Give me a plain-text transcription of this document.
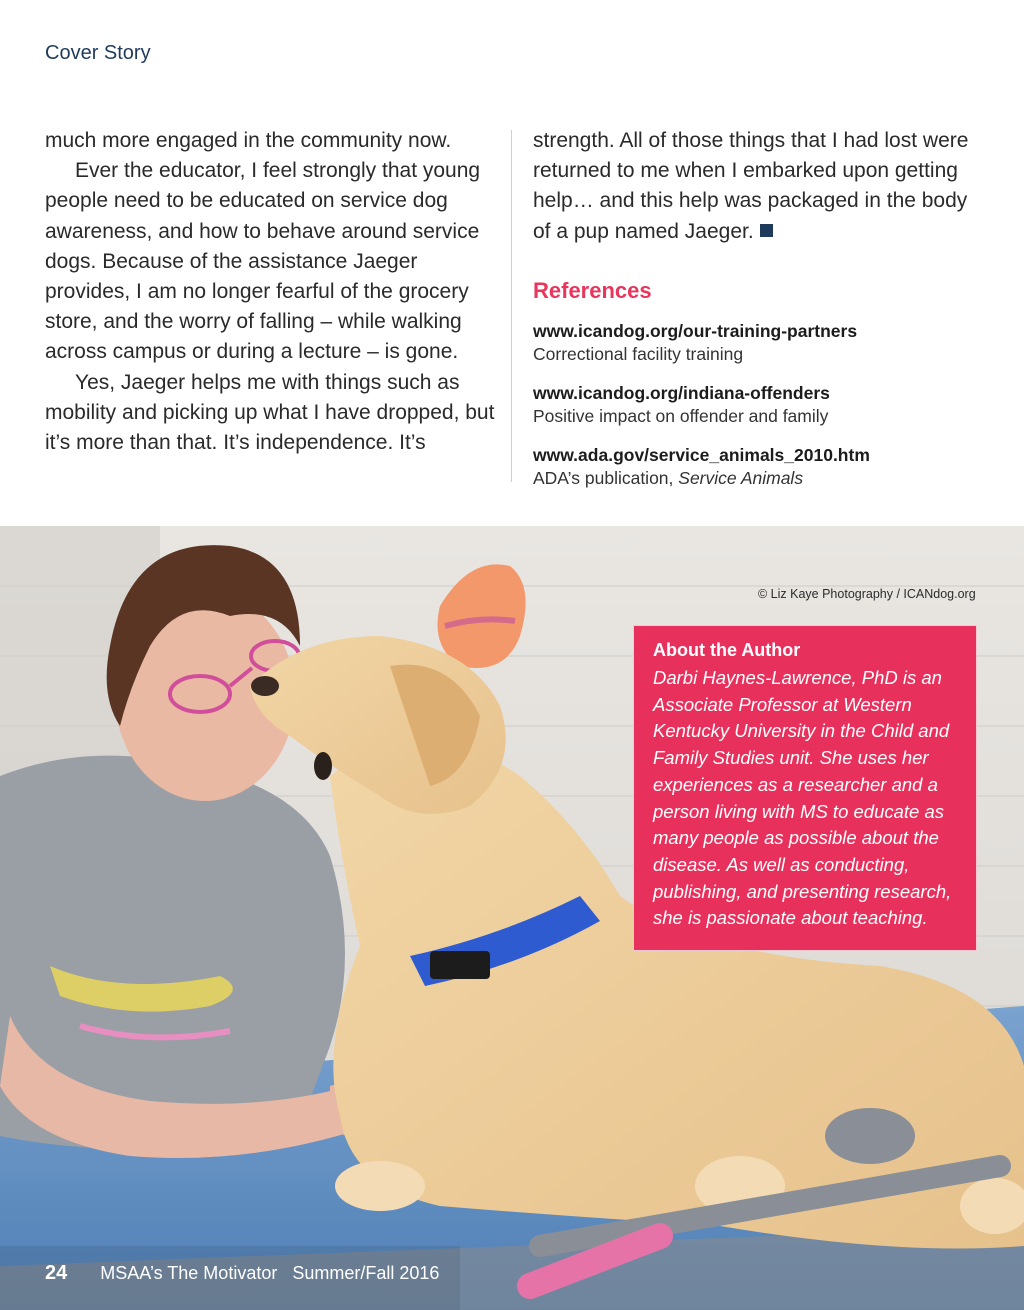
Cover Story

much more engaged in the community now.

Ever the educator, I feel strongly that young people need to be educated on service dog awareness, and how to behave around service dogs. Because of the assistance Jaeger provides, I am no longer fearful of the grocery store, and the worry of falling – while walking across campus or during a lecture – is gone.

Yes, Jaeger helps me with things such as mobility and picking up what I have dropped, but it’s more than that. It’s independence. It’s

strength. All of those things that I had lost were returned to me when I embarked upon getting help… and this help was packaged in the body of a pup named Jaeger.

References
www.icandog.org/our-training-partners
Correctional facility training
www.icandog.org/indiana-offenders
Positive impact on offender and family
www.ada.gov/service_animals_2010.htm
ADA’s publication, Service Animals
© Liz Kaye Photography / ICANdog.org
About the Author
Darbi Haynes-Lawrence, PhD is an Associate Professor at Western Kentucky University in the Child and Family Studies unit. She uses her experiences as a researcher and a person living with MS to educate as many people as possible about the disease. As well as conducting, publishing, and presenting research, she is passionate about teaching.
24 MSAA’s The Motivator Summer/Fall 2016
